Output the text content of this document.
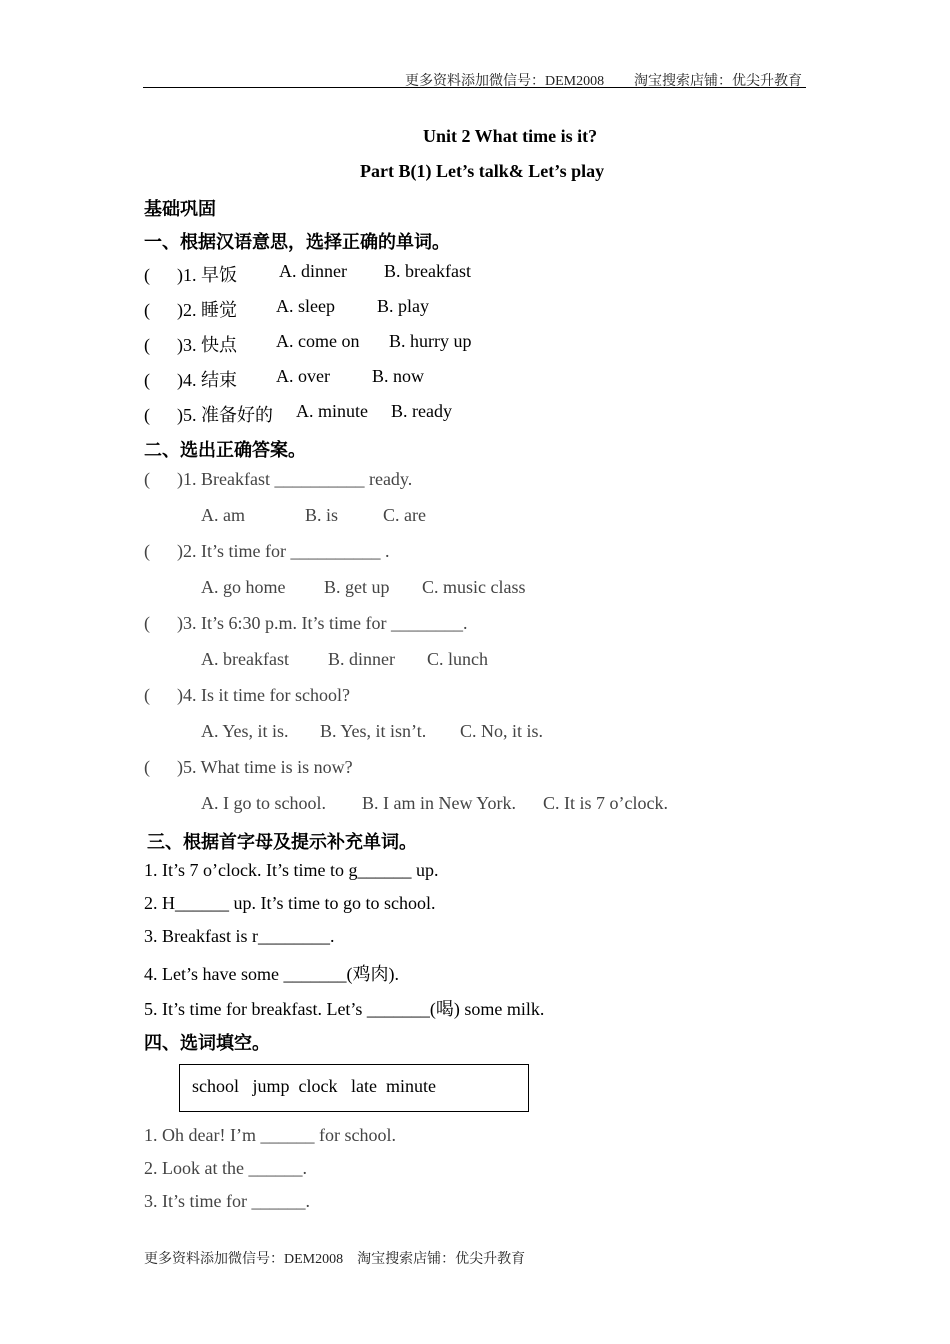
更多资料添加微信号：DEM2008 淘宝搜索店铺：优尖升教育
Unit 2 What time is it?
Part B(1) Let’s talk& Let’s play
基础巩固
一、根据汉语意思，选择正确的单词。
( )1. 早饭 A. dinner B. breakfast
( )2. 睡觉 A. sleep B. play
( )3. 快点 A. come on B. hurry up
( )4. 结束 A. over B. now
( )5. 准备好的 A. minute B. ready
二、选出正确答案。
( )1. Breakfast __________ ready.
A. am	B. is C. are
( )2. It’s time for __________ .
A. go home B. get up C. music class
( )3. It’s 6:30 p.m. It’s time for ________.
A. breakfast B. dinner C. lunch
( )4. Is it time for school?
A. Yes, it is. B. Yes, it isn’t. C. No, it is.
( )5. What time is is now?
A. I go to school. B. I am in New York. C. It is 7 o’clock.
三、根据首字母及提示补充单词。
1. It’s 7 o’clock. It’s time to g______ up.
2. H______ up. It’s time to go to school.
3. Breakfast is r________.
4. Let’s have some _______(鸡肉).
5. It’s time for breakfast. Let’s _______(喝) some milk.
四、选词填空。
school   jump  clock   late  minute
1. Oh dear! I’m ______ for school.
2. Look at the ______.
3. It’s time for ______.
更多资料添加微信号：DEM2008    淘宝搜索店铺：优尖升教育
